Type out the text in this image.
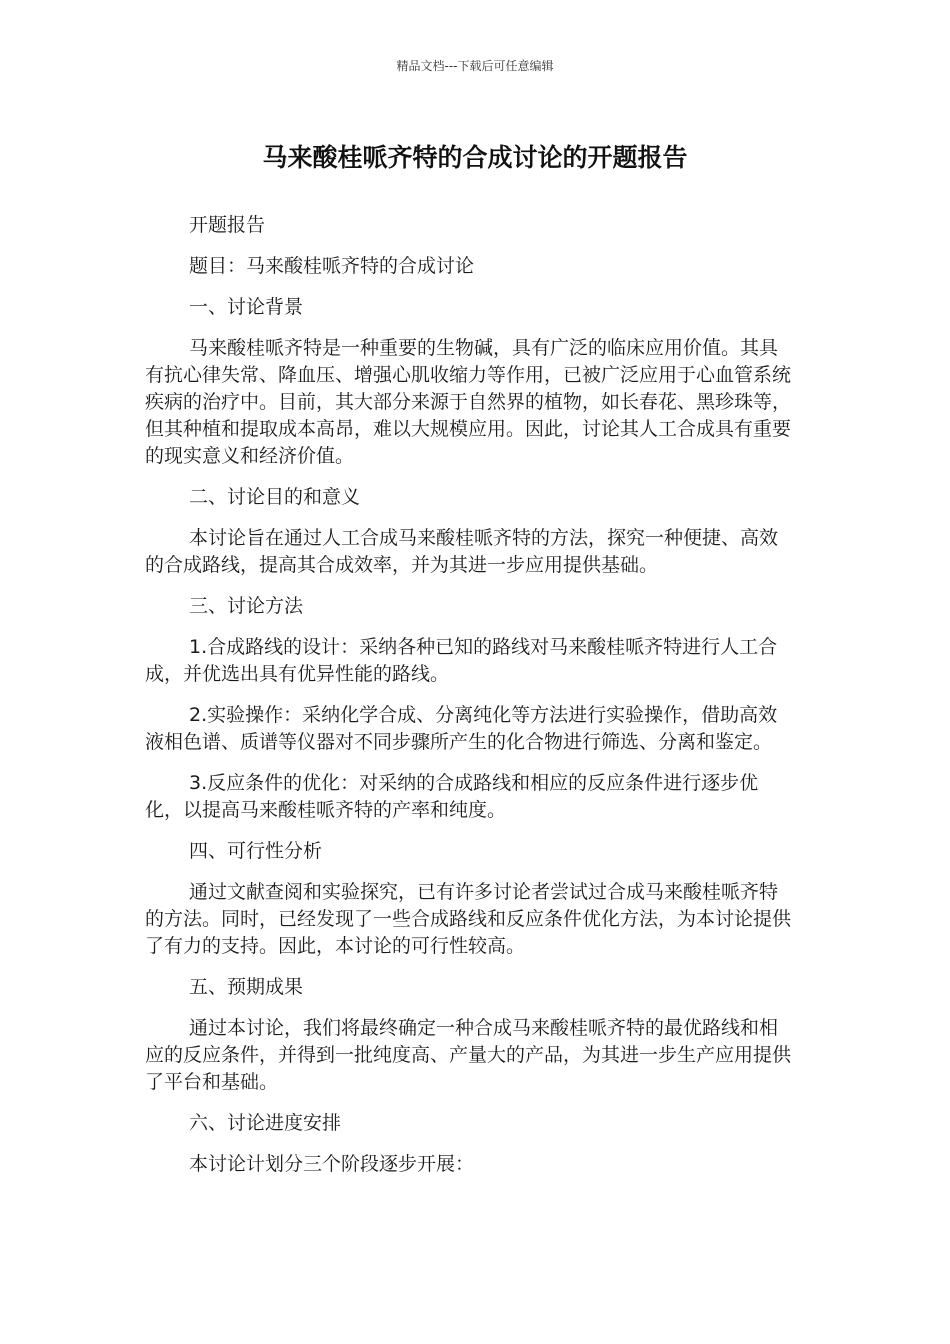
精品文档---下载后可任意编辑
马来酸桂哌齐特的合成讨论的开题报告

开题报告

题目：马来酸桂哌齐特的合成讨论

一、讨论背景

马来酸桂哌齐特是一种重要的生物碱，具有广泛的临床应用价值。其具有抗心律失常、降血压、增强心肌收缩力等作用，已被广泛应用于心血管系统疾病的治疗中。目前，其大部分来源于自然界的植物，如长春花、黑珍珠等，但其种植和提取成本高昂，难以大规模应用。因此，讨论其人工合成具有重要的现实意义和经济价值。

二、讨论目的和意义

本讨论旨在通过人工合成马来酸桂哌齐特的方法，探究一种便捷、高效的合成路线，提高其合成效率，并为其进一步应用提供基础。

三、讨论方法

1.合成路线的设计：采纳各种已知的路线对马来酸桂哌齐特进行人工合成，并优选出具有优异性能的路线。

2.实验操作：采纳化学合成、分离纯化等方法进行实验操作，借助高效液相色谱、质谱等仪器对不同步骤所产生的化合物进行筛选、分离和鉴定。

3.反应条件的优化：对采纳的合成路线和相应的反应条件进行逐步优化，以提高马来酸桂哌齐特的产率和纯度。

四、可行性分析

通过文献查阅和实验探究，已有许多讨论者尝试过合成马来酸桂哌齐特的方法。同时，已经发现了一些合成路线和反应条件优化方法，为本讨论提供了有力的支持。因此，本讨论的可行性较高。

五、预期成果

通过本讨论，我们将最终确定一种合成马来酸桂哌齐特的最优路线和相应的反应条件，并得到一批纯度高、产量大的产品，为其进一步生产应用提供了平台和基础。

六、讨论进度安排

本讨论计划分三个阶段逐步开展：
